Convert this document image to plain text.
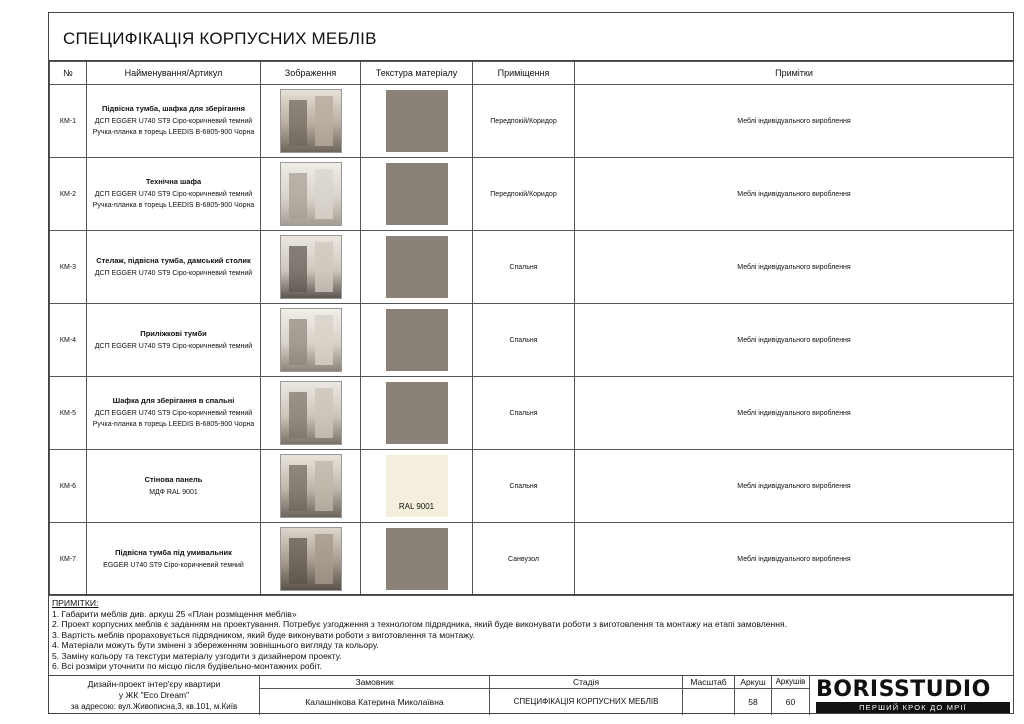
СПЕЦИФІКАЦІЯ КОРПУСНИХ МЕБЛІВ
№	Найменування/Артикул	Зображення	Текстура матеріалу	Приміщення	Примітки
КМ-1	Підвісна тумба, шафка для зберігання
ДСП EGGER U740 ST9 Сіро-коричневий темний
Ручка-планка в торець LEEDIS B-6805-900 Чорна			Передпокій/Коридор	Меблі індивідуального вироблення
КМ-2	Технічна шафа
ДСП EGGER U740 ST9 Сіро-коричневий темний
Ручка-планка в торець LEEDIS B-6805-900 Чорна			Передпокій/Коридор	Меблі індивідуального вироблення
КМ-3	Стелаж, підвісна тумба, дамський столик
ДСП EGGER U740 ST9 Сіро-коричневий темний			Спальня	Меблі індивідуального вироблення
КМ-4	Приліжкові тумби
ДСП EGGER U740 ST9 Сіро-коричневий темний			Спальня	Меблі індивідуального вироблення
КМ-5	Шафка для зберігання в спальні
ДСП EGGER U740 ST9 Сіро-коричневий темний
Ручка-планка в торець LEEDIS B-6805-900 Чорна			Спальня	Меблі індивідуального вироблення
КМ-6	Стінова панель
МДФ RAL 9001		RAL 9001	Спальня	Меблі індивідуального вироблення
КМ-7	Підвісна тумба під умивальник
EGGER U740 ST9 Сіро-коричневий темний			Санвузол	Меблі індивідуального вироблення
ПРИМІТКИ:
1. Габарити меблів див. аркуш 25 «План розміщення меблів»
2. Проект корпусних меблів є заданням на проектування. Потребує узгодження з технологом підрядника, який буде виконувати роботи з виготовлення та монтажу на етапі замовлення.
3. Вартість меблів прораховується підрядником, який буде виконувати роботи з виготовлення та монтажу.
4. Матеріали можуть бути змінені з збереженням зовнішнього вигляду та кольору.
5. Заміну кольору та текстури матеріалу узгодити з дизайнером проекту.
6. Всі розміри уточнити по місцю після будівельно-монтажних робіт.
Дизайн-проект інтер'єру квартири
у ЖК "Eco Dream"
за адресою: вул.Живописна,3, кв.101, м.Київ
Замовник
Калашнікова Катерина Миколаївна
Стадія
СПЕЦИФІКАЦІЯ КОРПУСНИХ МЕБЛІВ
Масштаб	Аркуш
58
Аркушів
60 BORISSTUDIO
ПЕРШИЙ КРОК ДО МРІЇ
